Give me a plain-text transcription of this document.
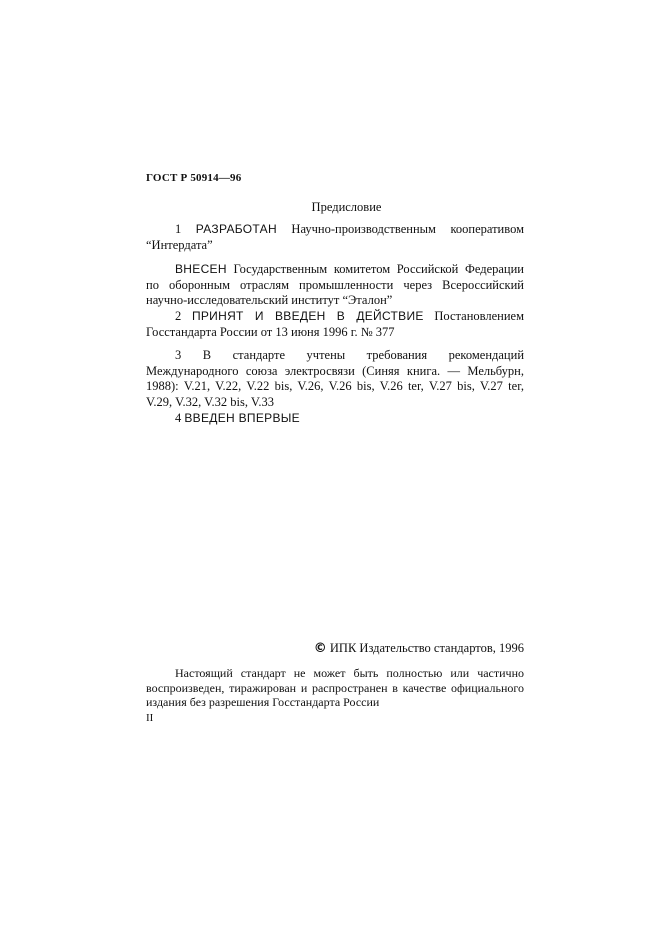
ГОСТ Р 50914—96
Предисловие

1 РАЗРАБОТАН Научно-производственным кооперативом “Интердата”

ВНЕСЕН Государственным комитетом Российской Федерации по оборонным отраслям промышленности через Всероссийский научно-исследовательский институт “Эталон”

2 ПРИНЯТ И ВВЕДЕН В ДЕЙСТВИЕ Постановлением Госстандарта России от 13 июня 1996 г. № 377

3 В стандарте учтены требования рекомендаций Международного союза электросвязи (Синяя книга. — Мельбурн, 1988): V.21, V.22, V.22 bis, V.26, V.26 bis, V.26 ter, V.27 bis, V.27 ter, V.29, V.32, V.32 bis, V.33

4 ВВЕДЕН ВПЕРВЫЕ

© ИПК Издательство стандартов, 1996

Настоящий стандарт не может быть полностью или частично воспроизведен, тиражирован и распространен в качестве официального издания без разрешения Госстандарта России

II
